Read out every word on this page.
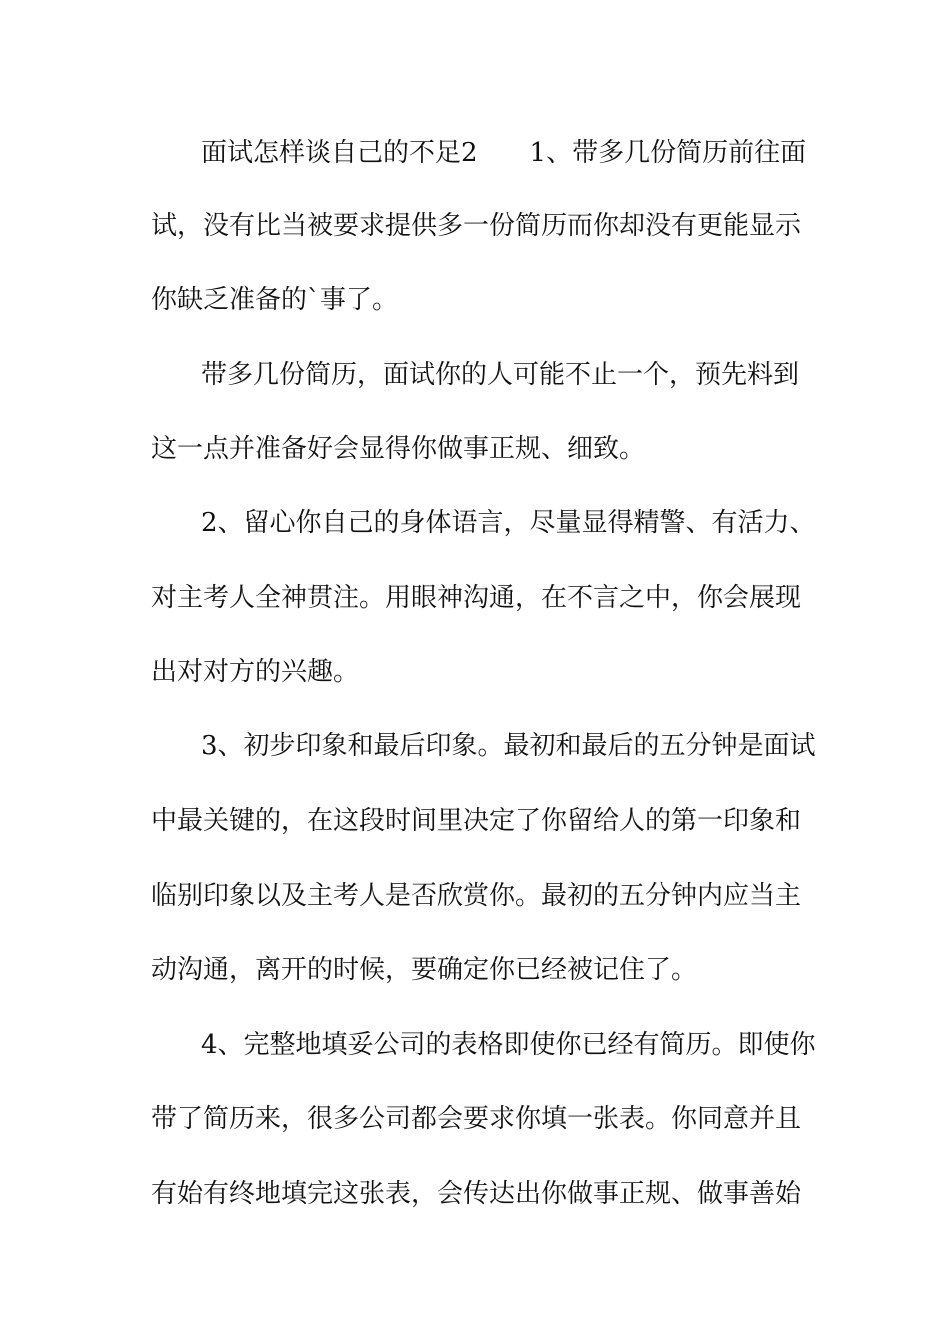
面试怎样谈自己的不足2　　1、带多几份简历前往面
试，没有比当被要求提供多一份简历而你却没有更能显示
你缺乏准备的`事了。
带多几份简历，面试你的人可能不止一个，预先料到
这一点并准备好会显得你做事正规、细致。
2、留心你自己的身体语言，尽量显得精警、有活力、
对主考人全神贯注。用眼神沟通，在不言之中，你会展现
出对对方的兴趣。
3、初步印象和最后印象。最初和最后的五分钟是面试
中最关键的，在这段时间里决定了你留给人的第一印象和
临别印象以及主考人是否欣赏你。最初的五分钟内应当主
动沟通，离开的时候，要确定你已经被记住了。
4、完整地填妥公司的表格即使你已经有简历。即使你
带了简历来，很多公司都会要求你填一张表。你同意并且
有始有终地填完这张表，会传达出你做事正规、做事善始
